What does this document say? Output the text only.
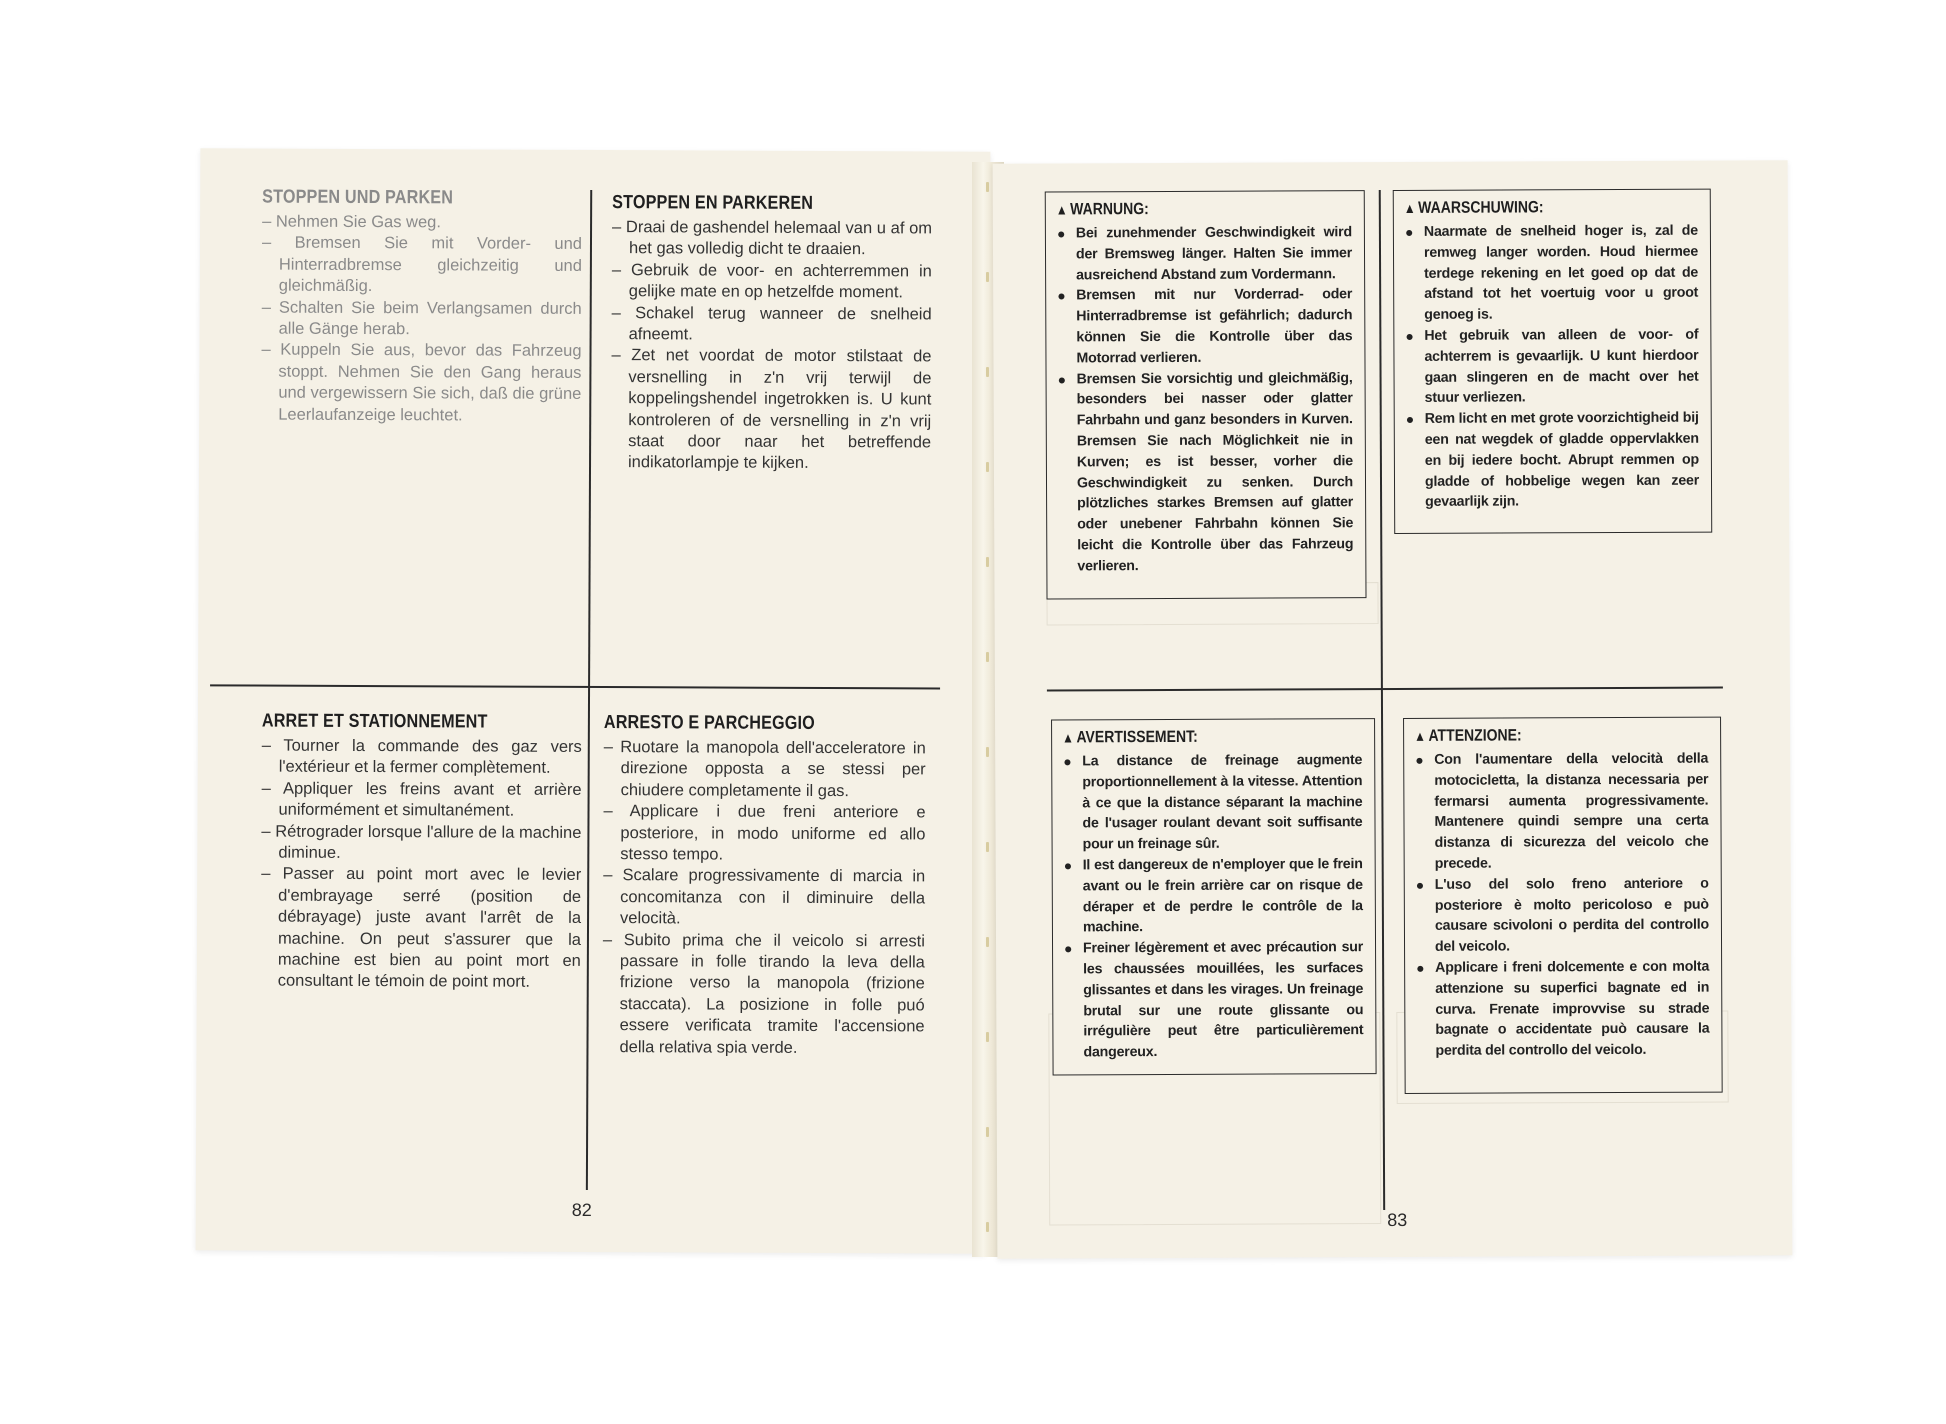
STOPPEN UND PARKEN
– Nehmen Sie Gas weg.
– Bremsen Sie mit Vorder- und Hinterradbremse gleichzeitig und gleichmäßig.
– Schalten Sie beim Verlangsamen durch alle Gänge herab.
– Kuppeln Sie aus, bevor das Fahrzeug stoppt. Nehmen Sie den Gang heraus und vergewissern Sie sich, daß die grüne Leerlaufanzeige leuchtet.
STOPPEN EN PARKEREN
– Draai de gashendel helemaal van u af om het gas volledig dicht te draaien.
– Gebruik de voor- en achterremmen in gelijke mate en op hetzelfde moment.
– Schakel terug wanneer de snelheid afneemt.
– Zet net voordat de motor stilstaat de versnelling in z'n vrij terwijl de koppelingshendel ingetrokken is. U kunt kontroleren of de versnelling in z'n vrij staat door naar het betreffende indikatorlampje te kijken.
ARRET ET STATIONNEMENT
– Tourner la commande des gaz vers l'extérieur et la fermer complètement.
– Appliquer les freins avant et arrière uniformément et simultanément.
– Rétrograder lorsque l'allure de la machine diminue.
– Passer au point mort avec le levier d'embrayage serré (position de débrayage) juste avant l'arrêt de la machine. On peut s'assurer que la machine est bien au point mort en consultant le témoin de point mort.
ARRESTO E PARCHEGGIO
– Ruotare la manopola dell'acceleratore in direzione opposta a se stessi per chiudere completamente il gas.
– Applicare i due freni anteriore e posteriore, in modo uniforme ed allo stesso tempo.
– Scalare progressivamente di marcia in concomitanza con il diminuire della velocità.
– Subito prima che il veicolo si arresti passare in folle tirando la leva della frizione verso la manopola (frizione staccata). La posizione in folle puó essere verificata tramite l'accensione della relativa spia verde.
82
▲ WARNUNG:
● Bei zunehmender Geschwindigkeit wird der Bremsweg länger. Halten Sie immer ausreichend Abstand zum Vordermann.
● Bremsen mit nur Vorderrad- oder Hinterradbremse ist gefährlich; dadurch können Sie die Kontrolle über das Motorrad verlieren.
● Bremsen Sie vorsichtig und gleichmäßig, besonders bei nasser oder glatter Fahrbahn und ganz besonders in Kurven. Bremsen Sie nach Möglichkeit nie in Kurven; es ist besser, vorher die Geschwindigkeit zu senken. Durch plötzliches starkes Bremsen auf glatter oder unebener Fahrbahn können Sie leicht die Kontrolle über das Fahrzeug verlieren.
▲ WAARSCHUWING:
● Naarmate de snelheid hoger is, zal de remweg langer worden. Houd hiermee terdege rekening en let goed op dat de afstand tot het voertuig voor u groot genoeg is.
● Het gebruik van alleen de voor- of achterrem is gevaarlijk. U kunt hierdoor gaan slingeren en de macht over het stuur verliezen.
● Rem licht en met grote voorzichtigheid bij een nat wegdek of gladde oppervlakken en bij iedere bocht. Abrupt remmen op gladde of hobbelige wegen kan zeer gevaarlijk zijn.
▲ AVERTISSEMENT:
● La distance de freinage augmente proportionnellement à la vitesse. Attention à ce que la distance séparant la machine de l'usager roulant devant soit suffisante pour un freinage sûr.
● Il est dangereux de n'employer que le frein avant ou le frein arrière car on risque de déraper et de perdre le contrôle de la machine.
● Freiner légèrement et avec précaution sur les chaussées mouillées, les surfaces glissantes et dans les virages. Un freinage brutal sur une route glissante ou irrégulière peut être particulièrement dangereux.
▲ ATTENZIONE:
● Con l'aumentare della velocità della motocicletta, la distanza necessaria per fermarsi aumenta progressivamente. Mantenere quindi sempre una certa distanza di sicurezza del veicolo che precede.
● L'uso del solo freno anteriore o posteriore è molto pericoloso e può causare scivoloni o perdita del controllo del veicolo.
● Applicare i freni dolcemente e con molta attenzione su superfici bagnate ed in curva. Frenate improvvise su strade bagnate o accidentate può causare la perdita del controllo del veicolo.
83
